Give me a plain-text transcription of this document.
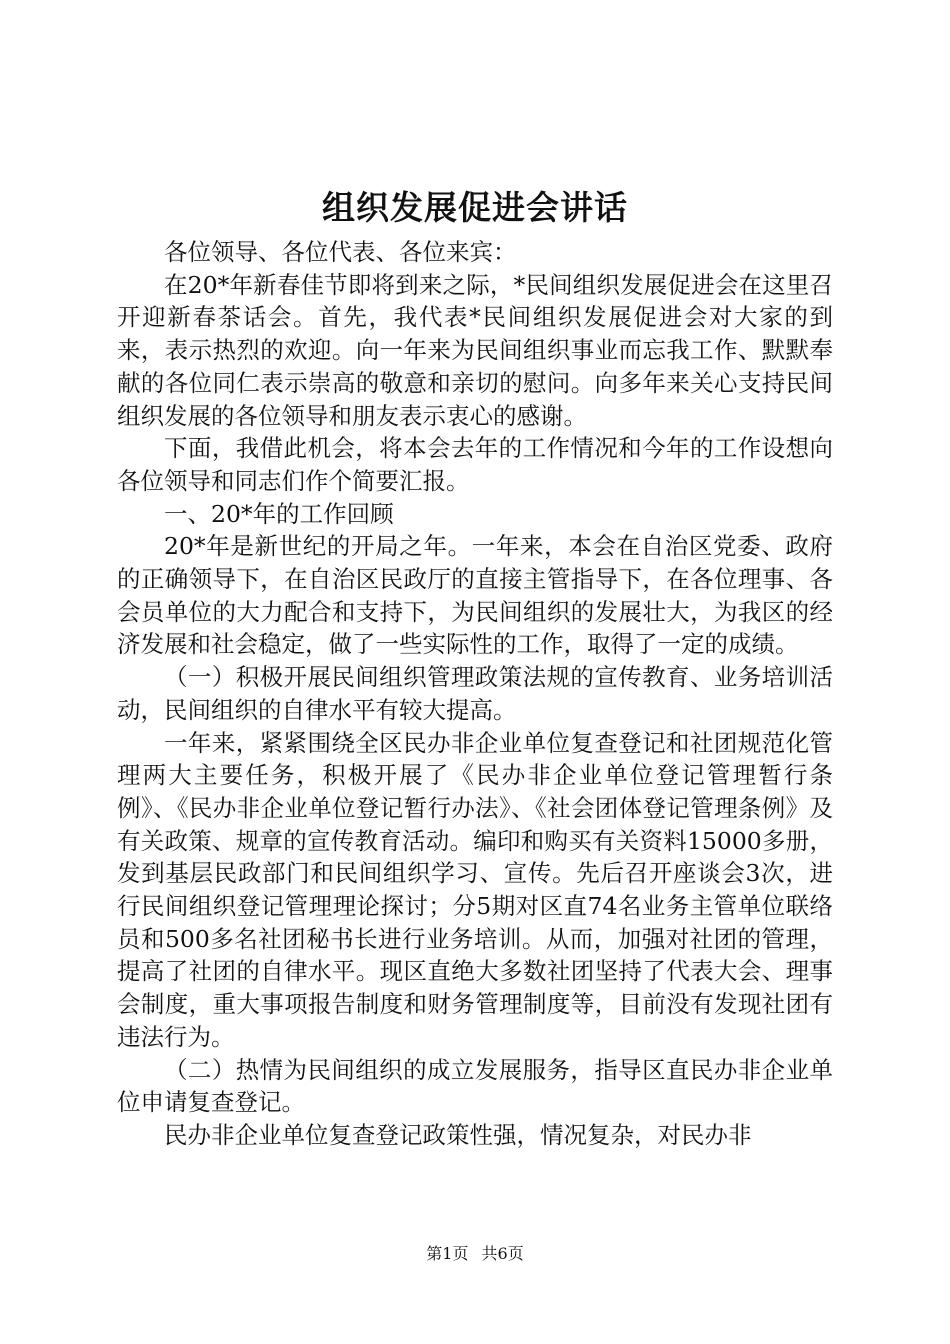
组织发展促进会讲话

各位领导、各位代表、各位来宾：

在20*年新春佳节即将到来之际，*民间组织发展促进会在这里召开迎新春茶话会。首先，我代表*民间组织发展促进会对大家的到来，表示热烈的欢迎。向一年来为民间组织事业而忘我工作、默默奉献的各位同仁表示崇高的敬意和亲切的慰问。向多年来关心支持民间组织发展的各位领导和朋友表示衷心的感谢。

下面，我借此机会，将本会去年的工作情况和今年的工作设想向各位领导和同志们作个简要汇报。

一、20*年的工作回顾

20*年是新世纪的开局之年。一年来，本会在自治区党委、政府的正确领导下，在自治区民政厅的直接主管指导下，在各位理事、各会员单位的大力配合和支持下，为民间组织的发展壮大，为我区的经济发展和社会稳定，做了一些实际性的工作，取得了一定的成绩。

（一）积极开展民间组织管理政策法规的宣传教育、业务培训活动，民间组织的自律水平有较大提高。

一年来，紧紧围绕全区民办非企业单位复查登记和社团规范化管理两大主要任务，积极开展了《民办非企业单位登记管理暂行条例》、《民办非企业单位登记暂行办法》、《社会团体登记管理条例》及有关政策、规章的宣传教育活动。编印和购买有关资料15000多册，发到基层民政部门和民间组织学习、宣传。先后召开座谈会3次，进行民间组织登记管理理论探讨；分5期对区直74名业务主管单位联络员和500多名社团秘书长进行业务培训。从而，加强对社团的管理，提高了社团的自律水平。现区直绝大多数社团坚持了代表大会、理事会制度，重大事项报告制度和财务管理制度等，目前没有发现社团有违法行为。

（二）热情为民间组织的成立发展服务，指导区直民办非企业单位申请复查登记。

民办非企业单位复查登记政策性强，情况复杂，对民办非

第1页 共6页
